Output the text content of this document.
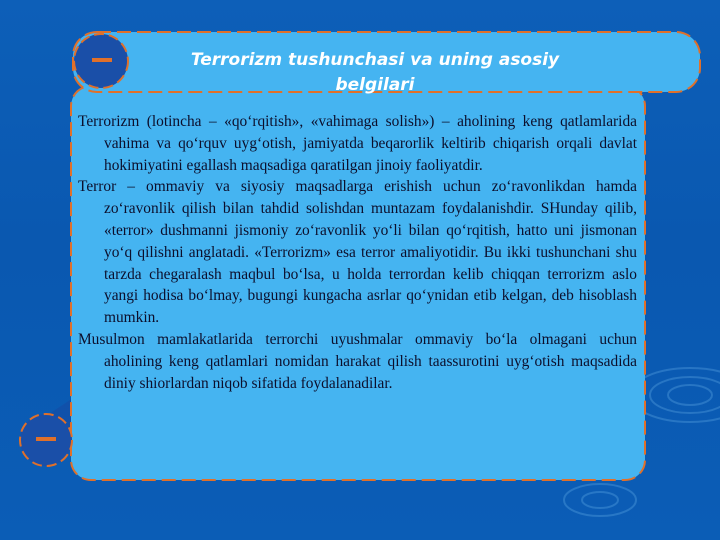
Terrorizm tushunchasi va uning asosiy belgilari

Terrorizm (lotincha – «qo‘rqitish», «vahimaga solish») – aholining keng qatlamlarida vahima va qo‘rquv uyg‘otish, jamiyatda beqarorlik keltirib chiqarish orqali davlat hokimiyatini egallash maqsadiga qaratilgan jinoiy faoliyatdir.

Terror – ommaviy va siyosiy maqsadlarga erishish uchun zo‘ravonlikdan hamda zo‘ravonlik qilish bilan tahdid solishdan muntazam foydalanishdir. SHunday qilib, «terror» dushmanni jismoniy zo‘ravonlik yo‘li bilan qo‘rqitish, hatto uni jismonan yo‘q qilishni anglatadi. «Terrorizm» esa terror amaliyotidir. Bu ikki tushunchani shu tarzda chegaralash maqbul bo‘lsa, u holda terrordan kelib chiqqan terrorizm aslo yangi hodisa bo‘lmay, bugungi kungacha asrlar qo‘ynidan etib kelgan, deb hisoblash mumkin.

Musulmon mamlakatlarida terrorchi uyushmalar ommaviy bo‘la olmagani uchun aholining keng qatlamlari nomidan harakat qilish taassurotini uyg‘otish maqsadida diniy shiorlardan niqob sifatida foydalanadilar.
